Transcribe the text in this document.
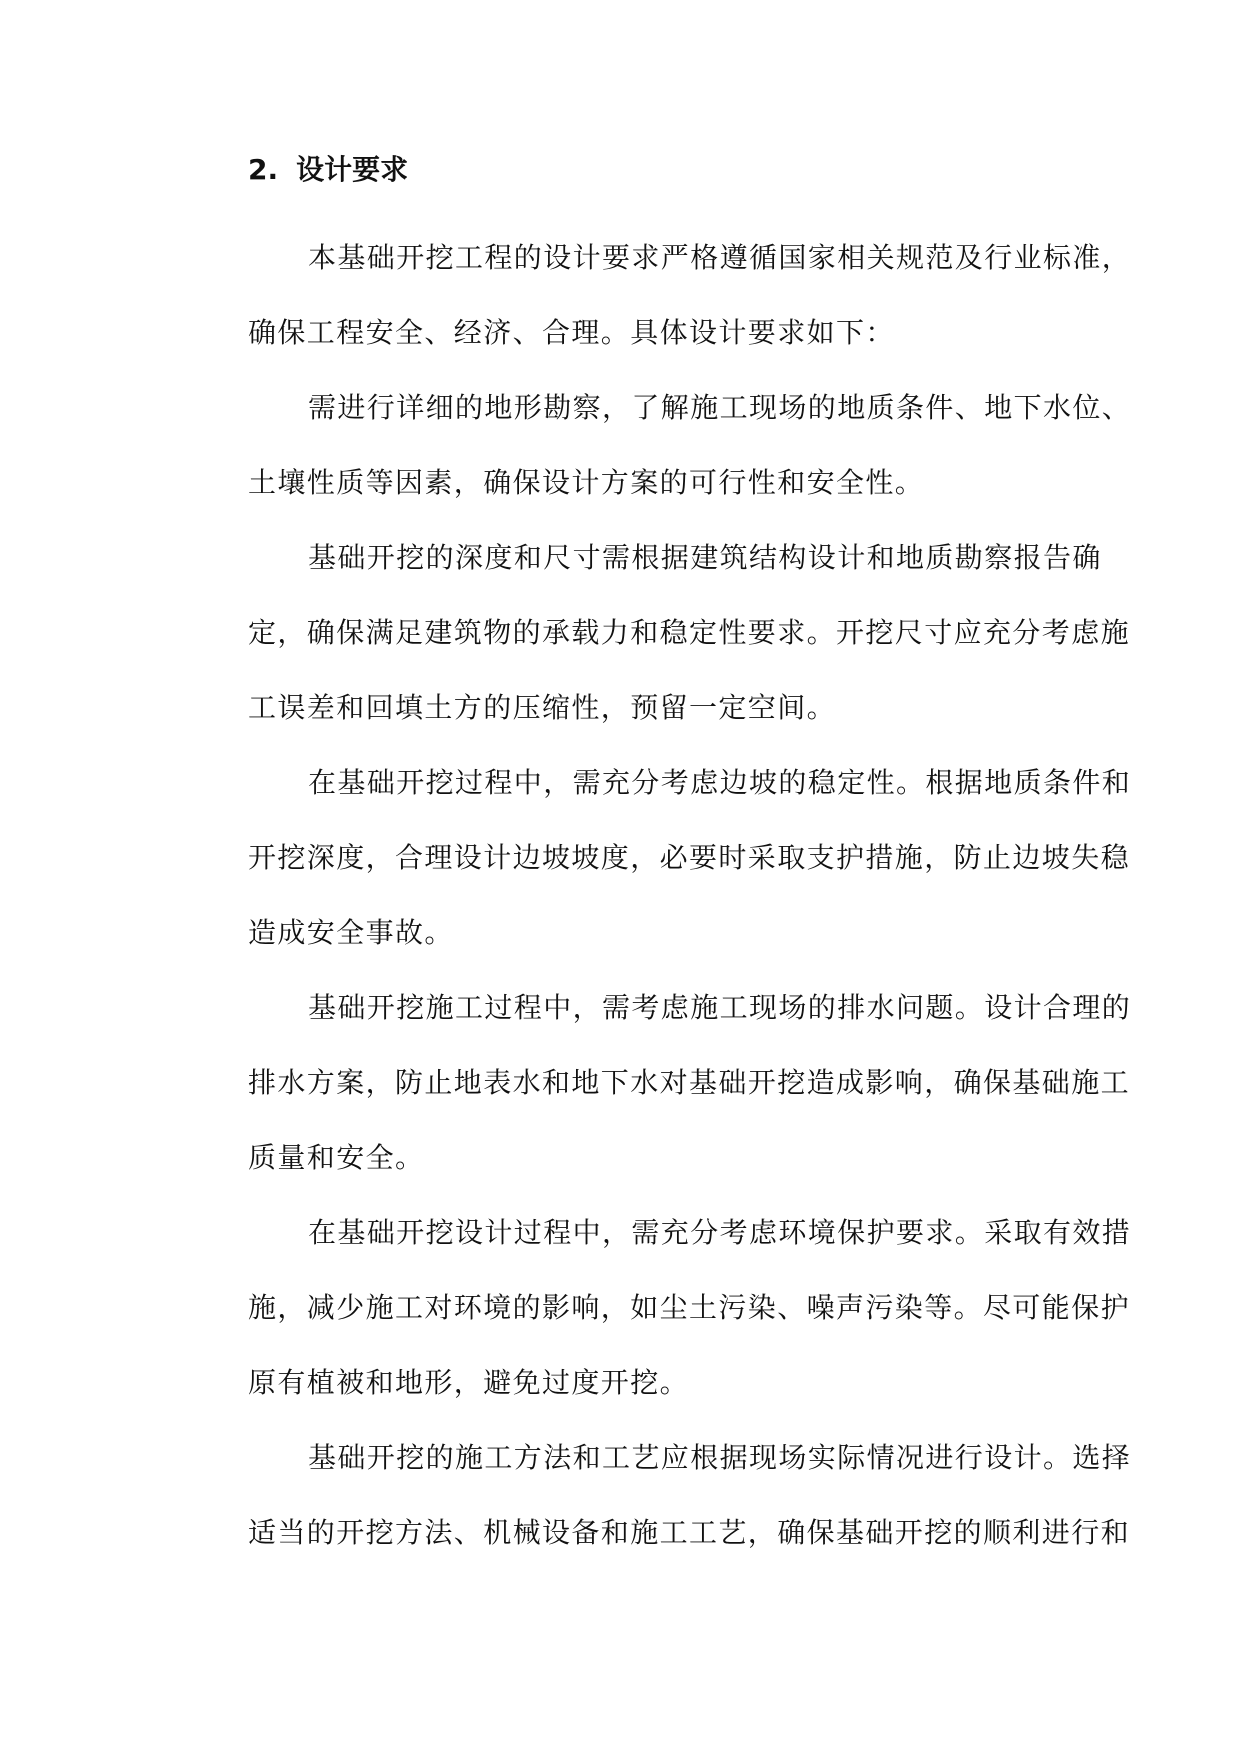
2. 设计要求
本基础开挖工程的设计要求严格遵循国家相关规范及行业标准，
确保工程安全、经济、合理。具体设计要求如下：
需进行详细的地形勘察，了解施工现场的地质条件、地下水位、
土壤性质等因素，确保设计方案的可行性和安全性。
基础开挖的深度和尺寸需根据建筑结构设计和地质勘察报告确
定，确保满足建筑物的承载力和稳定性要求。开挖尺寸应充分考虑施
工误差和回填土方的压缩性，预留一定空间。
在基础开挖过程中，需充分考虑边坡的稳定性。根据地质条件和
开挖深度，合理设计边坡坡度，必要时采取支护措施，防止边坡失稳
造成安全事故。
基础开挖施工过程中，需考虑施工现场的排水问题。设计合理的
排水方案，防止地表水和地下水对基础开挖造成影响，确保基础施工
质量和安全。
在基础开挖设计过程中，需充分考虑环境保护要求。采取有效措
施，减少施工对环境的影响，如尘土污染、噪声污染等。尽可能保护
原有植被和地形，避免过度开挖。
基础开挖的施工方法和工艺应根据现场实际情况进行设计。选择
适当的开挖方法、机械设备和施工工艺，确保基础开挖的顺利进行和
